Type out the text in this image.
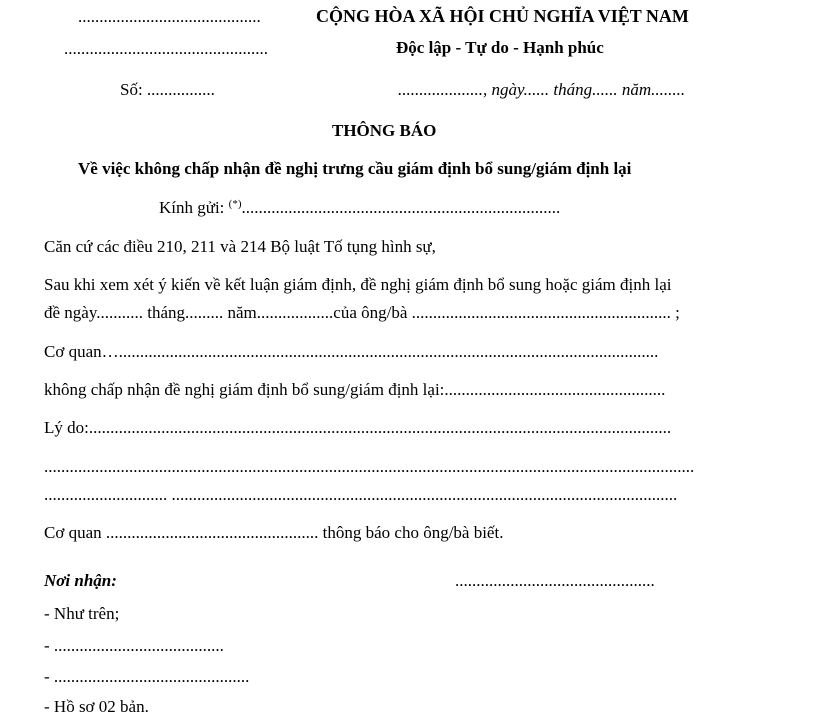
...........................................
................................................
Số: ................
CỘNG HÒA XÃ HỘI CHỦ NGHĨA VIỆT NAM
Độc lập - Tự do - Hạnh phúc
...................., ngày...... tháng...... năm........
THÔNG BÁO
Về việc không chấp nhận đề nghị trưng cầu giám định bổ sung/giám định lại
Kính gửi: (*)...........................................................................
Căn cứ các điều 210, 211 và 214 Bộ luật Tố tụng hình sự,
Sau khi xem xét ý kiến về kết luận giám định, đề nghị giám định bổ sung hoặc giám định lại
đề ngày........... tháng......... năm..................của ông/bà ............................................................. ;
Cơ quan…...............................................................................................................................
không chấp nhận đề nghị giám định bổ sung/giám định lại:....................................................
Lý do:.........................................................................................................................................
.........................................................................................................................................................
............................. .......................................................................................................................
Cơ quan .................................................. thông báo cho ông/bà biết.
Nơi nhận:	...............................................
- Như trên;
- ........................................
- ..............................................
- Hồ sơ 02 bản.
